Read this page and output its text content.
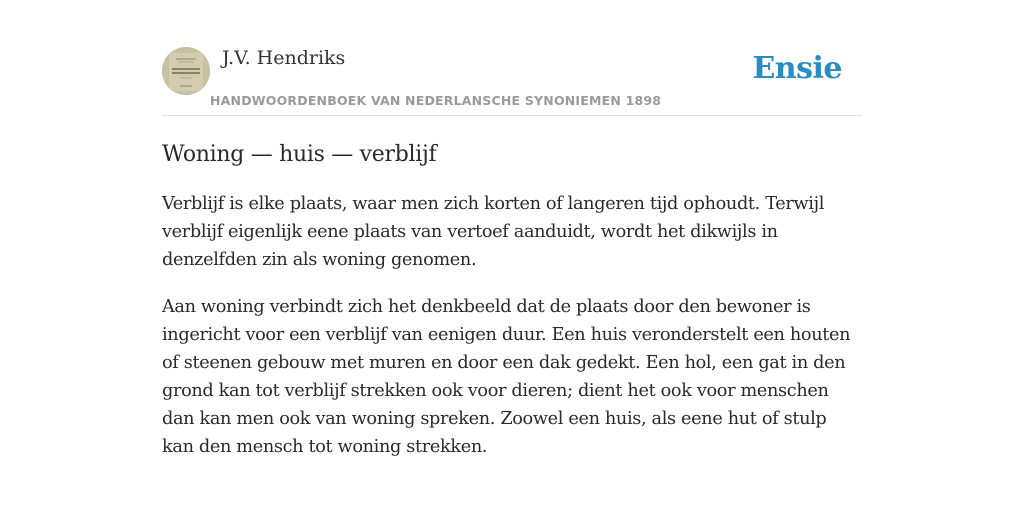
J.V. Hendriks
HANDWOORDENBOEK VAN NEDERLANSCHE SYNONIEMEN 1898
Ensie
Woning — huis — verblijf

Verblijf is elke plaats, waar men zich korten of langeren tijd ophoudt. Terwijl verblijf eigenlijk eene plaats van vertoef aanduidt, wordt het dikwijls in denzelfden zin als woning genomen.

Aan woning verbindt zich het denkbeeld dat de plaats door den bewoner is ingericht voor een verblijf van eenigen duur. Een huis veronderstelt een houten of steenen gebouw met muren en door een dak gedekt. Een hol, een gat in den grond kan tot verblijf strekken ook voor dieren; dient het ook voor menschen dan kan men ook van woning spreken. Zoowel een huis, als eene hut of stulp kan den mensch tot woning strekken.
